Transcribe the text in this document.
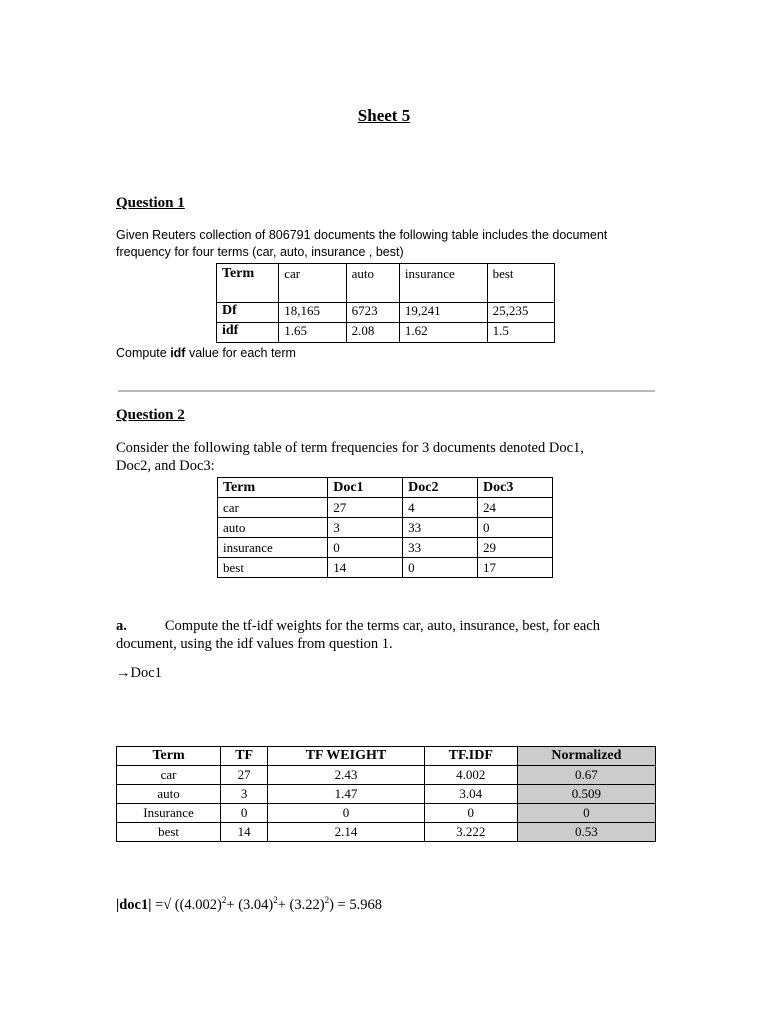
Sheet 5
Question 1
Given Reuters collection of 806791 documents the following table includes the document
frequency for four terms (car, auto, insurance , best)
Term	car	auto	insurance	best
Df	18,165	6723	19,241	25,235
idf	1.65	2.08	1.62	1.5
Compute idf value for each term
Question 2
Consider the following table of term frequencies for 3 documents denoted Doc1,
Doc2, and Doc3:
Term	Doc1	Doc2	Doc3
car	27	4	24
auto	3	33	0
insurance	0	33	29
best	14	0	17
a.	Compute the tf-idf weights for the terms car, auto, insurance, best, for each
document, using the idf values from question 1.
→Doc1
Term	TF	TF WEIGHT	TF.IDF	Normalized
car	27	2.43	4.002	0.67
auto	3	1.47	3.04	0.509
Insurance	0	0	0	0
best	14	2.14	3.222	0.53
|doc1| =√ $((4.002)^2+ (3.04)^2+ (3.22)^2) = 5.968$
